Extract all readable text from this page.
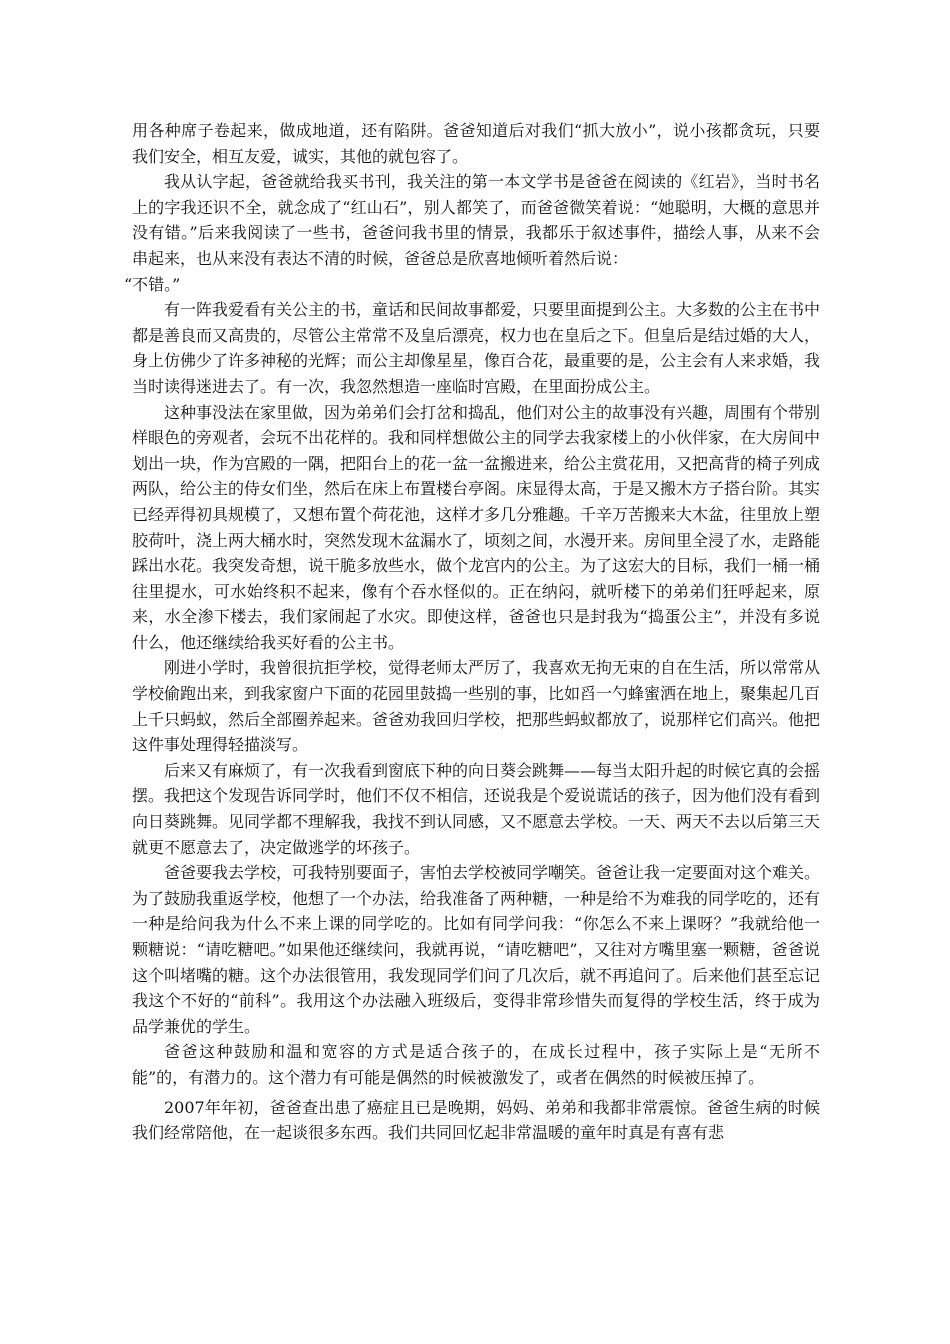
用各种席子卷起来，做成地道，还有陷阱。爸爸知道后对我们“抓大放小”，说小孩都贪玩，只要我们安全，相互友爱，诚实，其他的就包容了。

我从认字起，爸爸就给我买书刊，我关注的第一本文学书是爸爸在阅读的《红岩》，当时书名上的字我还识不全，就念成了“红山石”，别人都笑了，而爸爸微笑着说：“她聪明，大概的意思并没有错。”后来我阅读了一些书，爸爸问我书里的情景，我都乐于叙述事件，描绘人事，从来不会串起来，也从来没有表达不清的时候，爸爸总是欣喜地倾听着然后说：

“不错。”

有一阵我爱看有关公主的书，童话和民间故事都爱，只要里面提到公主。大多数的公主在书中都是善良而又高贵的，尽管公主常常不及皇后漂亮，权力也在皇后之下。但皇后是结过婚的大人，身上仿佛少了许多神秘的光辉；而公主却像星星，像百合花，最重要的是，公主会有人来求婚，我当时读得迷进去了。有一次，我忽然想造一座临时宫殿，在里面扮成公主。

这种事没法在家里做，因为弟弟们会打岔和捣乱，他们对公主的故事没有兴趣，周围有个带别样眼色的旁观者，会玩不出花样的。我和同样想做公主的同学去我家楼上的小伙伴家，在大房间中划出一块，作为宫殿的一隅，把阳台上的花一盆一盆搬进来，给公主赏花用，又把高背的椅子列成两队，给公主的侍女们坐，然后在床上布置楼台亭阁。床显得太高，于是又搬木方子搭台阶。其实已经弄得初具规模了，又想布置个荷花池，这样才多几分雅趣。千辛万苦搬来大木盆，往里放上塑胶荷叶，浇上两大桶水时，突然发现木盆漏水了，顷刻之间，水漫开来。房间里全浸了水，走路能踩出水花。我突发奇想，说干脆多放些水，做个龙宫内的公主。为了这宏大的目标，我们一桶一桶往里提水，可水始终积不起来，像有个吞水怪似的。正在纳闷，就听楼下的弟弟们狂呼起来，原来，水全渗下楼去，我们家闹起了水灾。即使这样，爸爸也只是封我为“捣蛋公主”，并没有多说什么，他还继续给我买好看的公主书。

刚进小学时，我曾很抗拒学校，觉得老师太严厉了，我喜欢无拘无束的自在生活，所以常常从学校偷跑出来，到我家窗户下面的花园里鼓捣一些别的事，比如舀一勺蜂蜜洒在地上，聚集起几百上千只蚂蚁，然后全部圈养起来。爸爸劝我回归学校，把那些蚂蚁都放了，说那样它们高兴。他把这件事处理得轻描淡写。

后来又有麻烦了，有一次我看到窗底下种的向日葵会跳舞——每当太阳升起的时候它真的会摇摆。我把这个发现告诉同学时，他们不仅不相信，还说我是个爱说谎话的孩子，因为他们没有看到向日葵跳舞。见同学都不理解我，我找不到认同感，又不愿意去学校。一天、两天不去以后第三天就更不愿意去了，决定做逃学的坏孩子。

爸爸要我去学校，可我特别要面子，害怕去学校被同学嘲笑。爸爸让我一定要面对这个难关。为了鼓励我重返学校，他想了一个办法，给我准备了两种糖，一种是给不为难我的同学吃的，还有一种是给问我为什么不来上课的同学吃的。比如有同学问我：“你怎么不来上课呀？”我就给他一颗糖说：“请吃糖吧。”如果他还继续问，我就再说，“请吃糖吧”，又往对方嘴里塞一颗糖，爸爸说这个叫堵嘴的糖。这个办法很管用，我发现同学们问了几次后，就不再追问了。后来他们甚至忘记我这个不好的“前科”。我用这个办法融入班级后，变得非常珍惜失而复得的学校生活，终于成为品学兼优的学生。

爸爸这种鼓励和温和宽容的方式是适合孩子的，在成长过程中，孩子实际上是“无所不能”的，有潜力的。这个潜力有可能是偶然的时候被激发了，或者在偶然的时候被压掉了。

2007年年初，爸爸查出患了癌症且已是晚期，妈妈、弟弟和我都非常震惊。爸爸生病的时候我们经常陪他，在一起谈很多东西。我们共同回忆起非常温暖的童年时真是有喜有悲
